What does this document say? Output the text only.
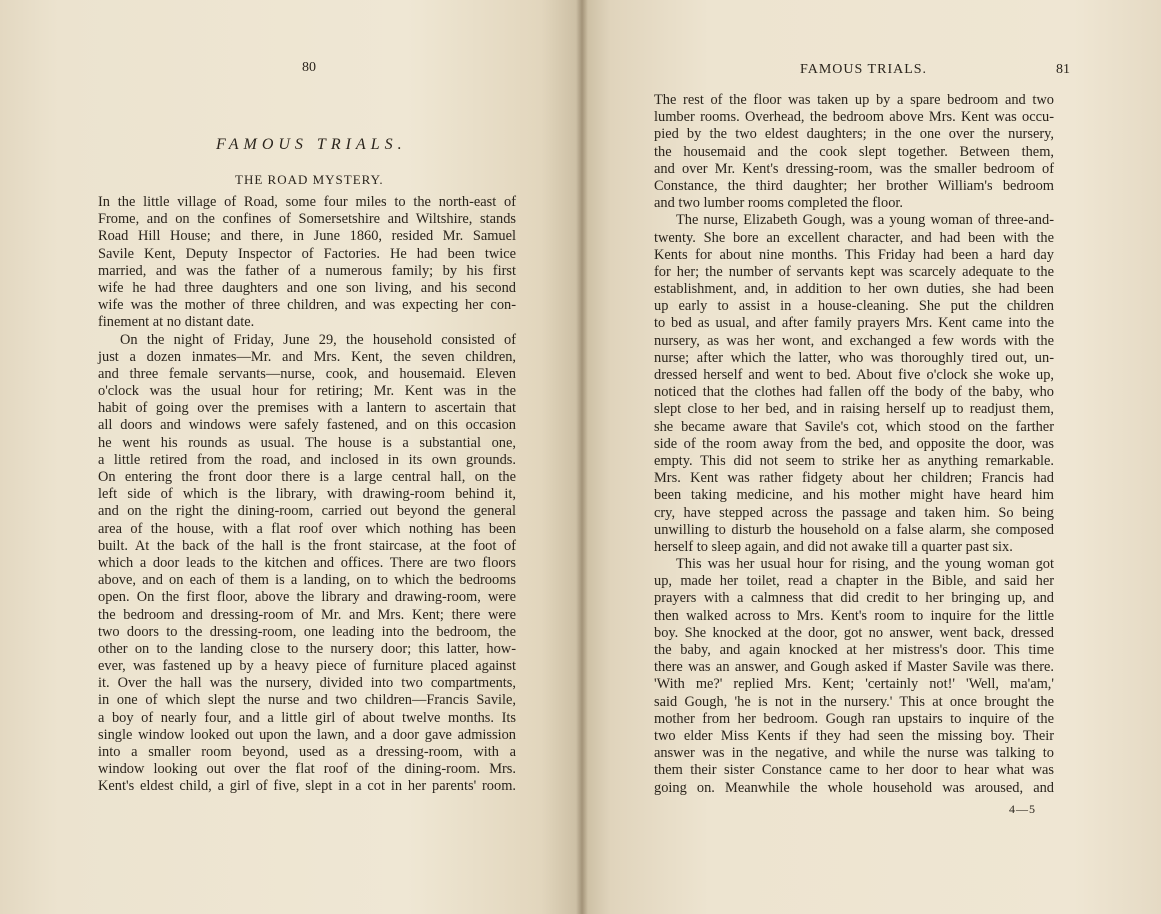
80
FAMOUS TRIALS.
THE ROAD MYSTERY.
In the little village of Road, some four miles to the north-east of
Frome, and on the confines of Somersetshire and Wiltshire, stands
Road Hill House; and there, in June 1860, resided Mr. Samuel
Savile Kent, Deputy Inspector of Factories. He had been twice
married, and was the father of a numerous family; by his first
wife he had three daughters and one son living, and his second
wife was the mother of three children, and was expecting her con-
finement at no distant date.
On the night of Friday, June 29, the household consisted of
just a dozen inmates—Mr. and Mrs. Kent, the seven children,
and three female servants—nurse, cook, and housemaid. Eleven
o'clock was the usual hour for retiring; Mr. Kent was in the
habit of going over the premises with a lantern to ascertain that
all doors and windows were safely fastened, and on this occasion
he went his rounds as usual. The house is a substantial one,
a little retired from the road, and inclosed in its own grounds.
On entering the front door there is a large central hall, on the
left side of which is the library, with drawing-room behind it,
and on the right the dining-room, carried out beyond the general
area of the house, with a flat roof over which nothing has been
built. At the back of the hall is the front staircase, at the foot of
which a door leads to the kitchen and offices. There are two floors
above, and on each of them is a landing, on to which the bedrooms
open. On the first floor, above the library and drawing-room, were
the bedroom and dressing-room of Mr. and Mrs. Kent; there were
two doors to the dressing-room, one leading into the bedroom, the
other on to the landing close to the nursery door; this latter, how-
ever, was fastened up by a heavy piece of furniture placed against
it. Over the hall was the nursery, divided into two compartments,
in one of which slept the nurse and two children—Francis Savile,
a boy of nearly four, and a little girl of about twelve months. Its
single window looked out upon the lawn, and a door gave admission
into a smaller room beyond, used as a dressing-room, with a
window looking out over the flat roof of the dining-room. Mrs.
Kent's eldest child, a girl of five, slept in a cot in her parents' room.
FAMOUS TRIALS.	81
The rest of the floor was taken up by a spare bedroom and two
lumber rooms. Overhead, the bedroom above Mrs. Kent was occu-
pied by the two eldest daughters; in the one over the nursery,
the housemaid and the cook slept together. Between them,
and over Mr. Kent's dressing-room, was the smaller bedroom of
Constance, the third daughter; her brother William's bedroom
and two lumber rooms completed the floor.
The nurse, Elizabeth Gough, was a young woman of three-and-
twenty. She bore an excellent character, and had been with the
Kents for about nine months. This Friday had been a hard day
for her; the number of servants kept was scarcely adequate to the
establishment, and, in addition to her own duties, she had been
up early to assist in a house-cleaning. She put the children
to bed as usual, and after family prayers Mrs. Kent came into the
nursery, as was her wont, and exchanged a few words with the
nurse; after which the latter, who was thoroughly tired out, un-
dressed herself and went to bed. About five o'clock she woke up,
noticed that the clothes had fallen off the body of the baby, who
slept close to her bed, and in raising herself up to readjust them,
she became aware that Savile's cot, which stood on the farther
side of the room away from the bed, and opposite the door, was
empty. This did not seem to strike her as anything remarkable.
Mrs. Kent was rather fidgety about her children; Francis had
been taking medicine, and his mother might have heard him
cry, have stepped across the passage and taken him. So being
unwilling to disturb the household on a false alarm, she composed
herself to sleep again, and did not awake till a quarter past six.
This was her usual hour for rising, and the young woman got
up, made her toilet, read a chapter in the Bible, and said her
prayers with a calmness that did credit to her bringing up, and
then walked across to Mrs. Kent's room to inquire for the little
boy. She knocked at the door, got no answer, went back, dressed
the baby, and again knocked at her mistress's door. This time
there was an answer, and Gough asked if Master Savile was there.
'With me?' replied Mrs. Kent; 'certainly not!' 'Well, ma'am,'
said Gough, 'he is not in the nursery.' This at once brought the
mother from her bedroom. Gough ran upstairs to inquire of the
two elder Miss Kents if they had seen the missing boy. Their
answer was in the negative, and while the nurse was talking to
them their sister Constance came to her door to hear what was
going on. Meanwhile the whole household was aroused, and
4—5
